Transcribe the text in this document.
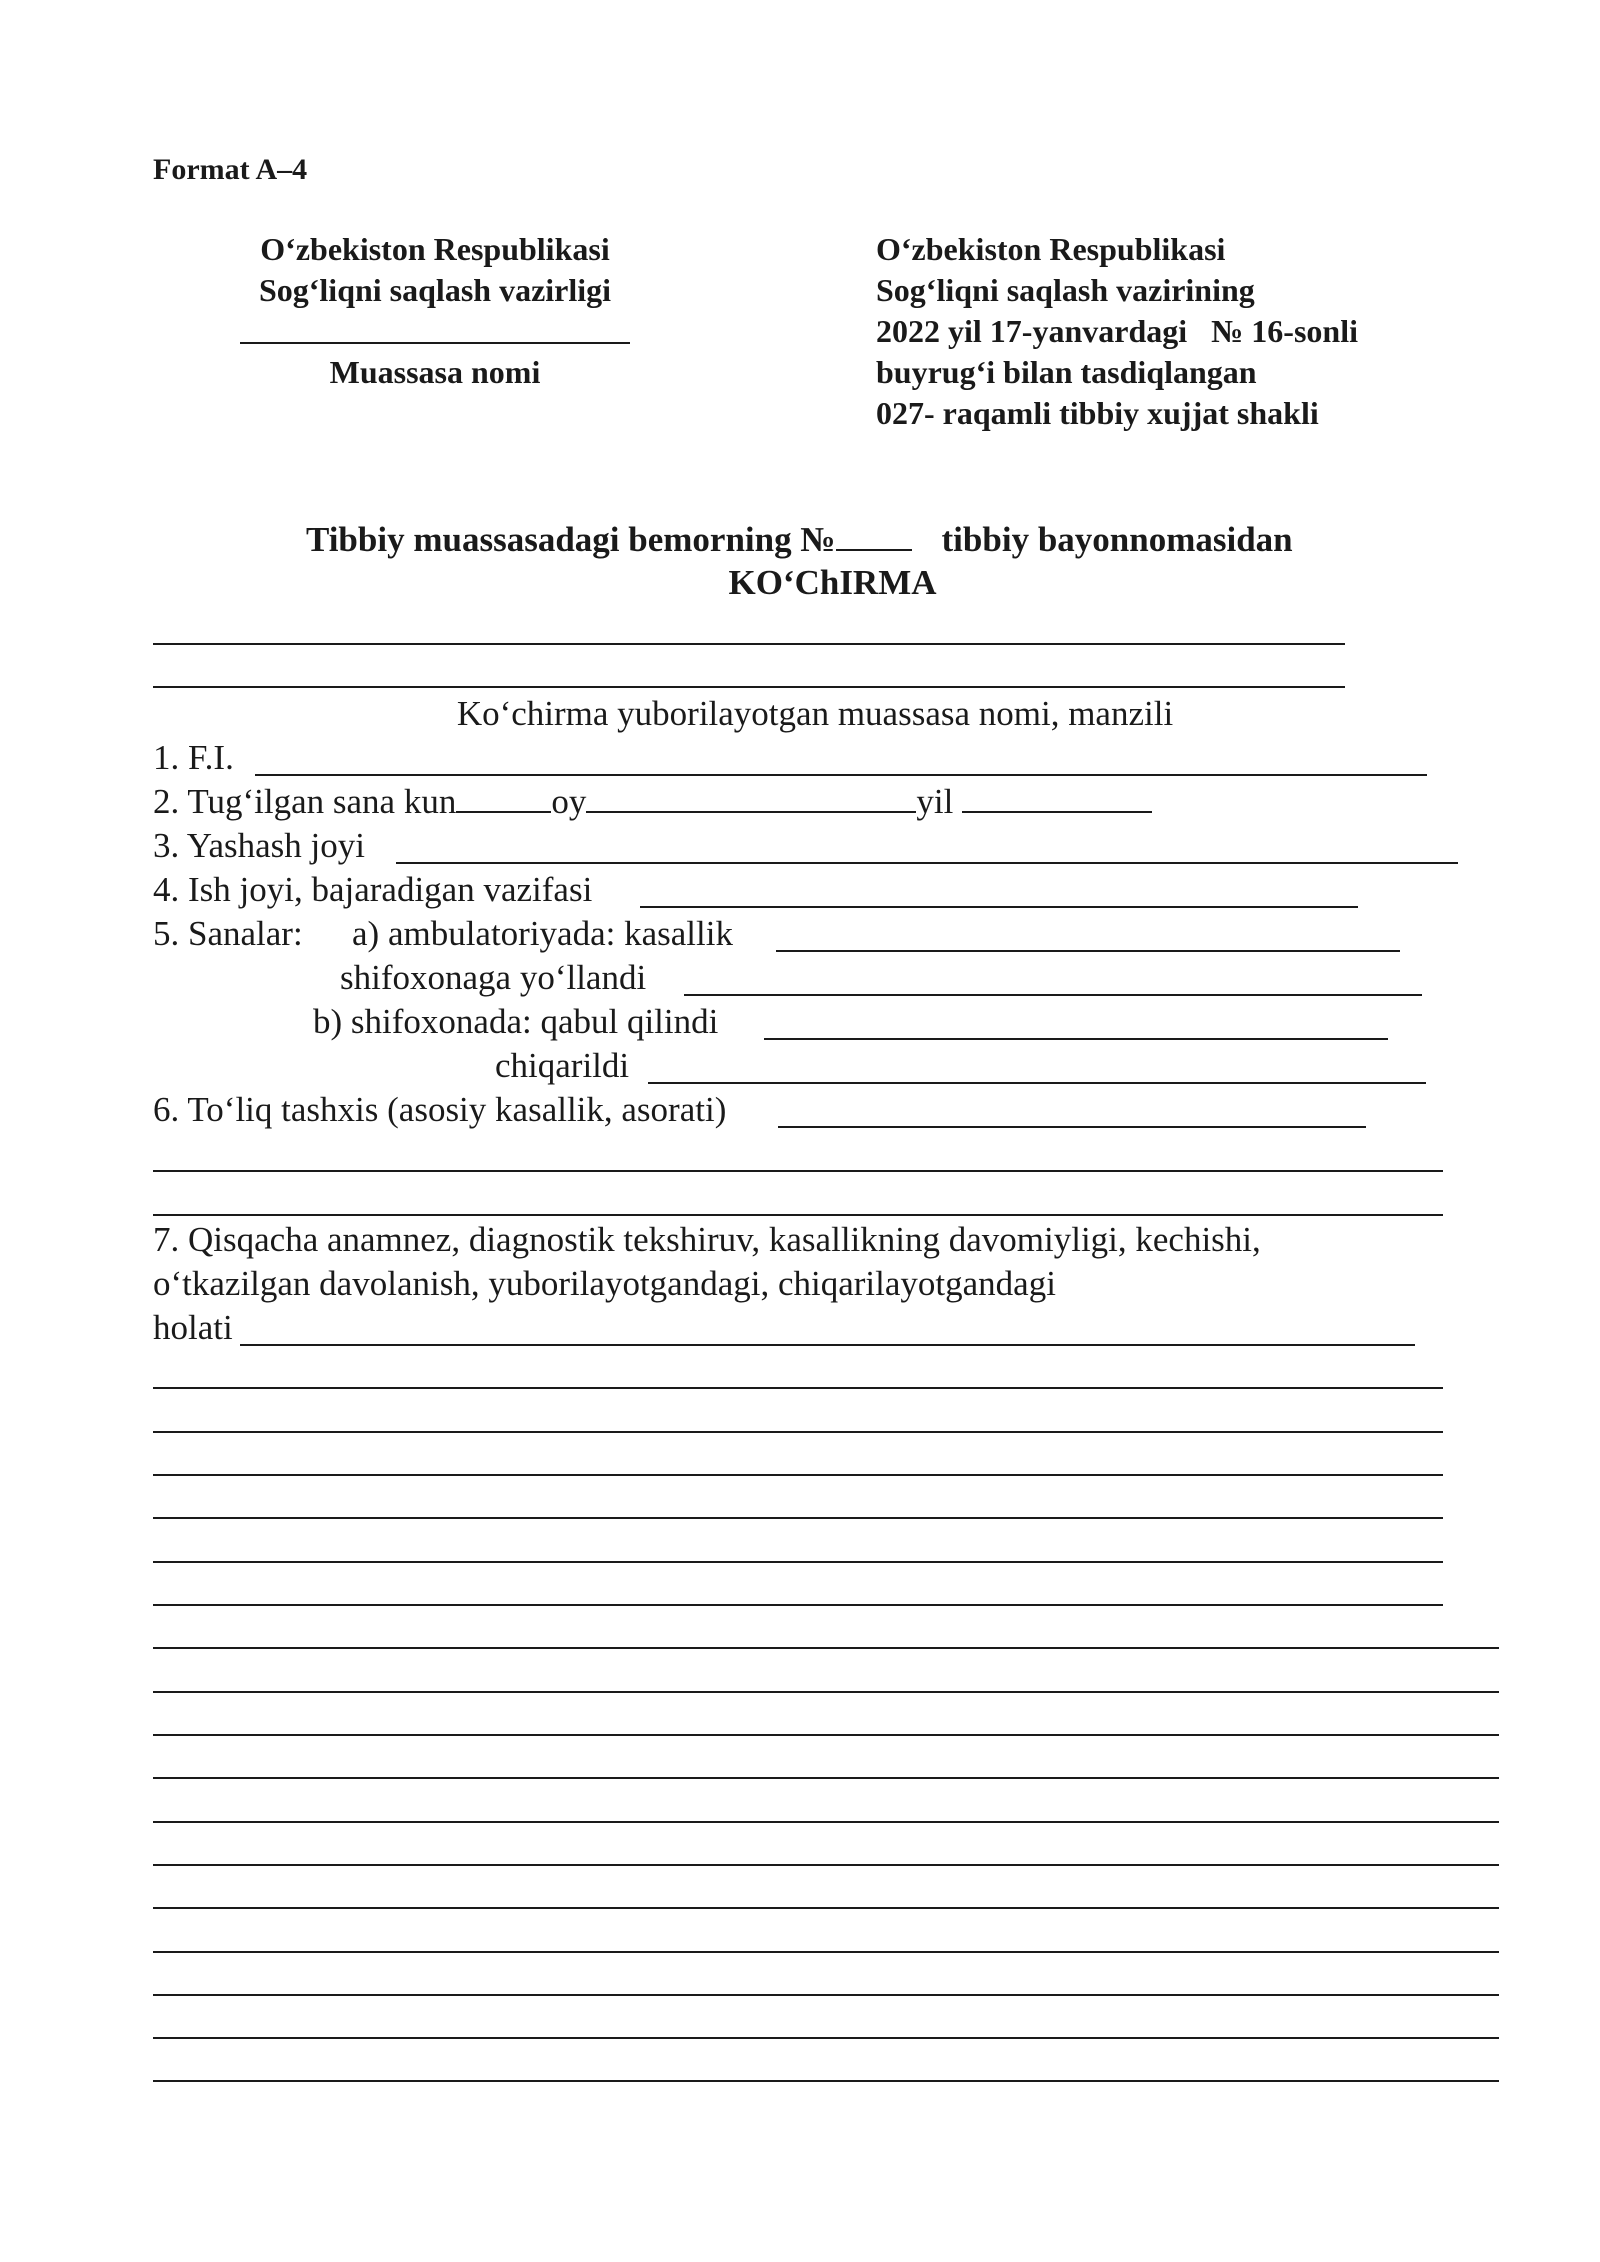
Format A–4
O‘zbekiston Respublikasi
Sog‘liqni saqlash vazirligi
Muassasa nomi
O‘zbekiston Respublikasi
Sog‘liqni saqlash vazirining
2022 yil 17-yanvardagi   № 16-sonli
buyrug‘i bilan tasdiqlangan
027- raqamli tibbiy xujjat shakli
Tibbiy muassasadagi bemorning №	tibbiy bayonnomasidan
KO‘ChIRMA
Ko‘chirma yuborilayotgan muassasa nomi, manzili
1. F.I.
2. Tug‘ilgan sana kun	oy	yil
3. Yashash joyi
4. Ish joyi, bajaradigan vazifasi
5. Sanalar: a) ambulatoriyada: kasallik
shifoxonaga yo‘llandi
b) shifoxonada: qabul qilindi
chiqarildi
6. To‘liq tashxis (asosiy kasallik, asorati)
7. Qisqacha anamnez, diagnostik tekshiruv, kasallikning davomiyligi, kechishi,
o‘tkazilgan davolanish, yuborilayotgandagi, chiqarilayotgandagi
holati
